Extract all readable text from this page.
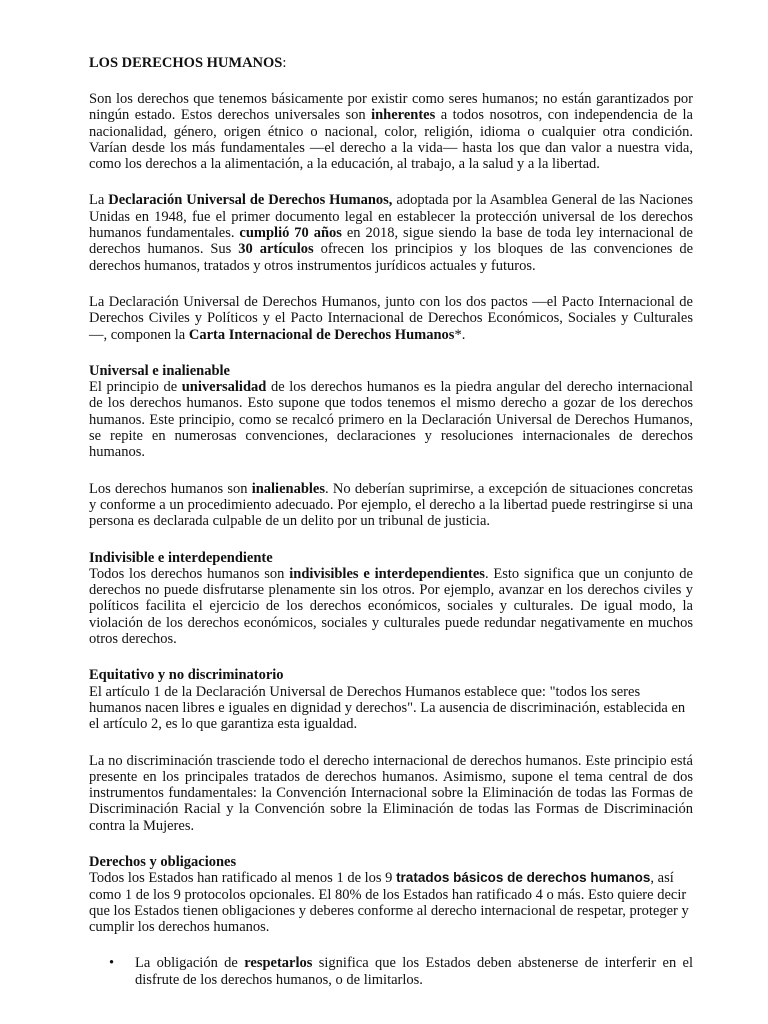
LOS DERECHOS HUMANOS:

Son los derechos que tenemos básicamente por existir como seres humanos; no están garantizados por ningún estado. Estos derechos universales son inherentes a todos nosotros, con independencia de la nacionalidad, género, origen étnico o nacional, color, religión, idioma o cualquier otra condición. Varían desde los más fundamentales —el derecho a la vida— hasta los que dan valor a nuestra vida, como los derechos a la alimentación, a la educación, al trabajo, a la salud y a la libertad.

La Declaración Universal de Derechos Humanos, adoptada por la Asamblea General de las Naciones Unidas en 1948, fue el primer documento legal en establecer la protección universal de los derechos humanos fundamentales. cumplió 70 años en 2018, sigue siendo la base de toda ley internacional de derechos humanos. Sus 30 artículos ofrecen los principios y los bloques de las convenciones de derechos humanos, tratados y otros instrumentos jurídicos actuales y futuros.

La Declaración Universal de Derechos Humanos, junto con los dos pactos —el Pacto Internacional de Derechos Civiles y Políticos y el Pacto Internacional de Derechos Económicos, Sociales y Culturales—, componen la Carta Internacional de Derechos Humanos*.

Universal e inalienable

El principio de universalidad de los derechos humanos es la piedra angular del derecho internacional de los derechos humanos. Esto supone que todos tenemos el mismo derecho a gozar de los derechos humanos. Este principio, como se recalcó primero en la Declaración Universal de Derechos Humanos, se repite en numerosas convenciones, declaraciones y resoluciones internacionales de derechos humanos.

Los derechos humanos son inalienables. No deberían suprimirse, a excepción de situaciones concretas y conforme a un procedimiento adecuado. Por ejemplo, el derecho a la libertad puede restringirse si una persona es declarada culpable de un delito por un tribunal de justicia.

Indivisible e interdependiente

Todos los derechos humanos son indivisibles e interdependientes. Esto significa que un conjunto de derechos no puede disfrutarse plenamente sin los otros. Por ejemplo, avanzar en los derechos civiles y políticos facilita el ejercicio de los derechos económicos, sociales y culturales. De igual modo, la violación de los derechos económicos, sociales y culturales puede redundar negativamente en muchos otros derechos.

Equitativo y no discriminatorio

El artículo 1 de la Declaración Universal de Derechos Humanos establece que: "todos los seres humanos nacen libres e iguales en dignidad y derechos". La ausencia de discriminación, establecida en el artículo 2, es lo que garantiza esta igualdad.

La no discriminación trasciende todo el derecho internacional de derechos humanos. Este principio está presente en los principales tratados de derechos humanos. Asimismo, supone el tema central de dos instrumentos fundamentales: la Convención Internacional sobre la Eliminación de todas las Formas de Discriminación Racial y la Convención sobre la Eliminación de todas las Formas de Discriminación contra la Mujeres.

Derechos y obligaciones

Todos los Estados han ratificado al menos 1 de los 9 tratados básicos de derechos humanos, así como 1 de los 9 protocolos opcionales. El 80% de los Estados han ratificado 4 o más. Esto quiere decir que los Estados tienen obligaciones y deberes conforme al derecho internacional de respetar, proteger y cumplir los derechos humanos.

• La obligación de respetarlos significa que los Estados deben abstenerse de interferir en el disfrute de los derechos humanos, o de limitarlos.
